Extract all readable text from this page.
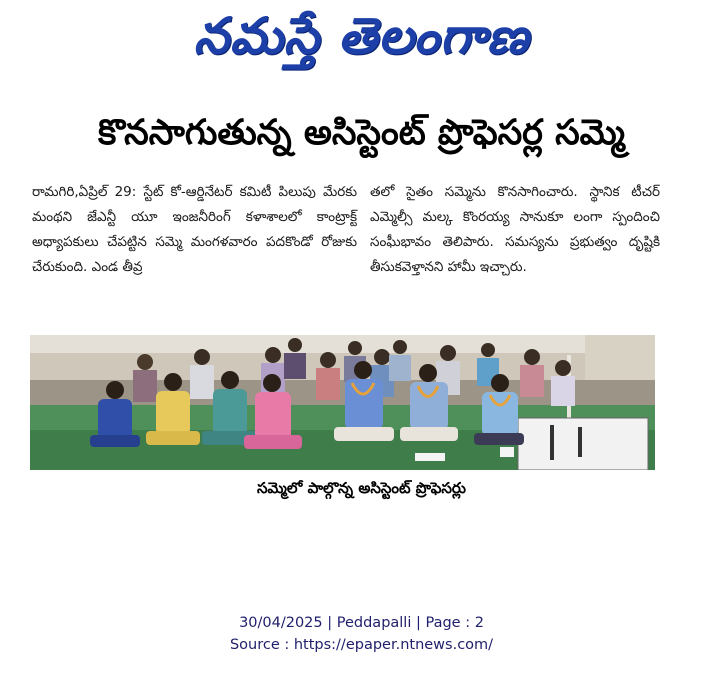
నమస్తే తెలంగాణ
కొనసాగుతున్న అసిస్టెంట్ ప్రొఫెసర్ల సమ్మె

రామగిరి,ఏప్రిల్ 29: స్టేట్ కో-ఆర్డినేటర్ కమిటీ పిలుపు మేరకు మంథని జేఎన్టీ యూ ఇంజనీరింగ్ కళాశాలలో కాంట్రాక్ట్ అధ్యాపకులు చేపట్టిన సమ్మె మంగళవారం పదకొండో రోజుకు చేరుకుంది. ఎండ తీవ్ర

తలో సైతం సమ్మెను కొనసాగించారు. స్థానిక టీచర్ ఎమ్మెల్సీ మల్క కొంరయ్య సానుకూ లంగా స్పందించి సంఘీభావం తెలిపారు. సమస్యను ప్రభుత్వం దృష్టికి తీసుకవెళ్తానని హామీ ఇచ్చారు.

సమ్మెలో పాల్గొన్న అసిస్టెంట్ ప్రొఫెసర్లు
30/04/2025 | Peddapalli | Page : 2
Source : https://epaper.ntnews.com/
